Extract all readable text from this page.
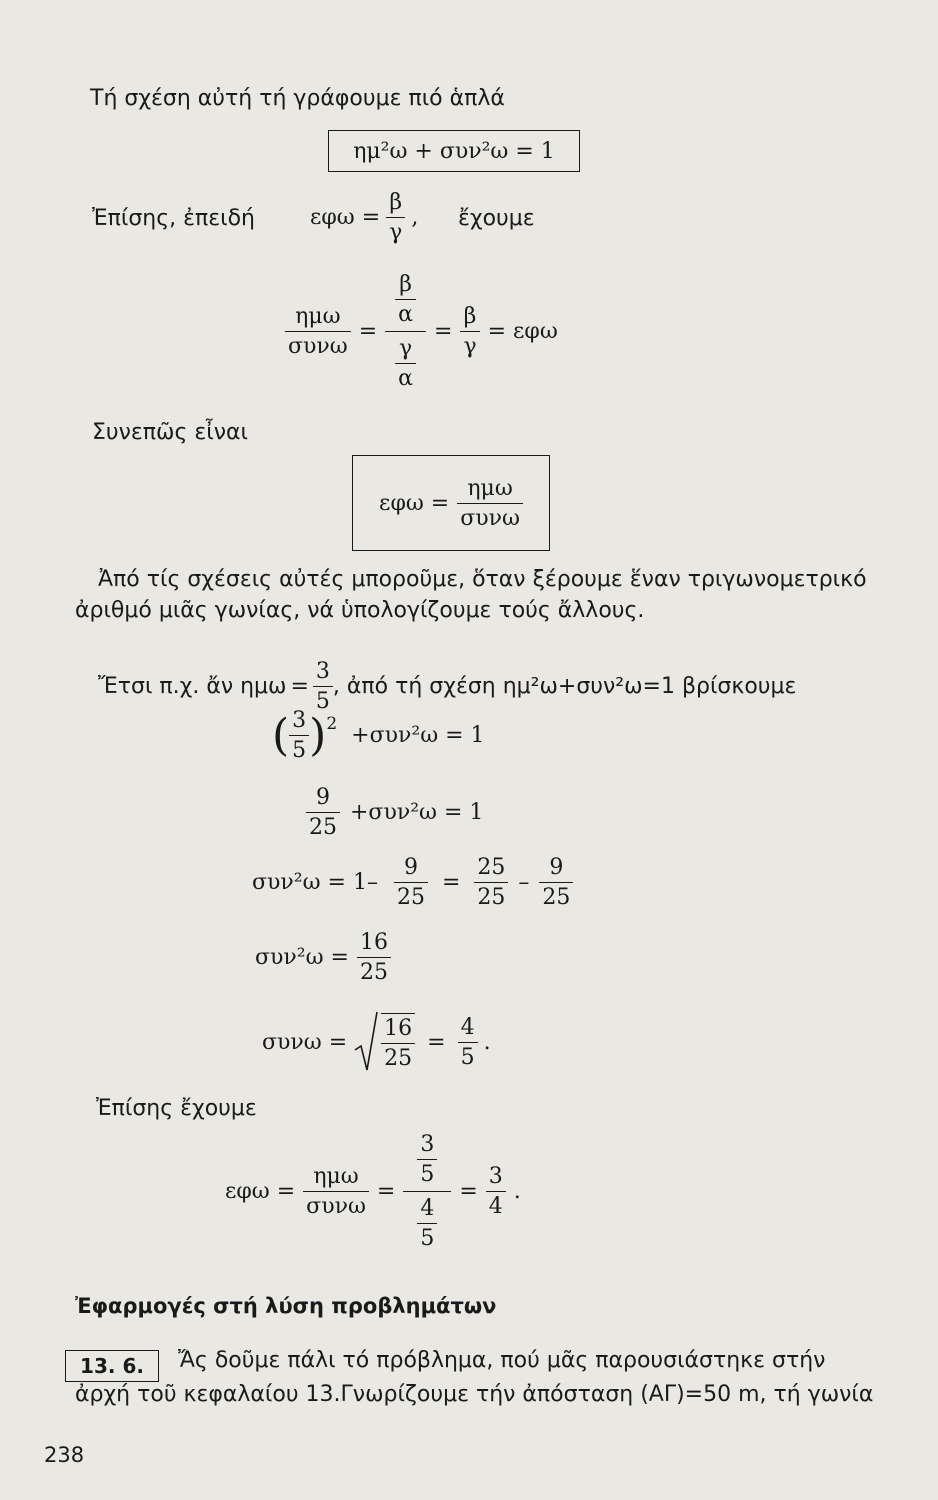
Τή σχέση αὐτή τή γράφουμε πιό ἁπλά
ημ²ω + συν²ω = 1
Ἐπίσης, ἐπειδή	$\varepsilon\varphi\omega = \frac{\beta}{\gamma}$ , ἔχουμε
$\frac{\text{ημω}}{\text{συνω}} = \frac{\frac{\beta}{\alpha}}{\frac{\gamma}{\alpha}} = \frac{\beta}{\gamma} = \varepsilon\varphi\omega$
Συνεπῶς εἶναι
$\varepsilon\varphi\omega = \frac{\text{ημω}}{\text{συνω}}$
Ἀπό τίς σχέσεις αὐτές μποροῦμε, ὅταν ξέρουμε ἕναν τριγωνομετρικό
ἀριθμό μιᾶς γωνίας, νά ὑπολογίζουμε τούς ἄλλους.
Ἔτσι π.χ. ἄν $\eta\mu\omega = \frac{3}{5}$ , ἀπό τή σχέση ημ²ω+συν²ω=1 βρίσκουμε
( $\frac{3}{5}$ ) 2 +συν²ω = 1
$\frac{9}{25} +\sigma\upsilon\nu^2\omega = 1$
$\sigma\upsilon\nu^2\omega = 1- \frac{9}{25} = \frac{25}{25} - \frac{9}{25}$
$\sigma\upsilon\nu^2\omega = \frac{16}{25}$
$\sigma\upsilon\nu\omega = \frac{16}{25} = \frac{4}{5}$ .
Ἐπίσης ἔχουμε
$\varepsilon\varphi\omega = \frac{\text{ημω}}{\text{συνω}} = \frac{\frac{3}{5}}{\frac{4}{5}} = \frac{3}{4}$ .
Ἐφαρμογές στή λύση προβλημάτων
13. 6. Ἄς δοῦμε πάλι τό πρόβλημα, πού μᾶς παρουσιάστηκε στήν
ἀρχή τοῦ κεφαλαίου 13.Γνωρίζουμε τήν ἀπόσταση (ΑΓ)=50 m, τή γωνία
238
